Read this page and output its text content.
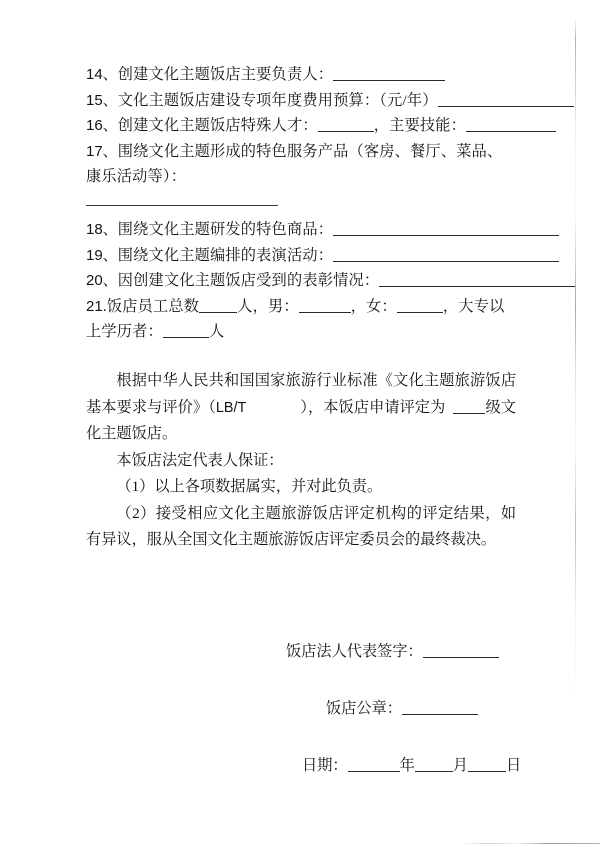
14、创建文化主题饭店主要负责人：
15、文化主题饭店建设专项年度费用预算：（元/年）
16、创建文化主题饭店特殊人才：	，主要技能：
17、围绕文化主题形成的特色服务产品（客房、餐厅、菜品、康乐活动等）：
18、围绕文化主题研发的特色商品：
19、围绕文化主题编排的表演活动：
20、因创建文化主题饭店受到的表彰情况：
21.饭店员工总数	人，男：	，女：	，大专以上学历者：	人
根据中华人民共和国国家旅游行业标准《文化主题旅游饭店基本要求与评价》（LB/T	），本饭店申请评定为	级文化主题饭店。
本饭店法定代表人保证：
（1）以上各项数据属实，并对此负责。
（2）接受相应文化主题旅游饭店评定机构的评定结果，如有异议，服从全国文化主题旅游饭店评定委员会的最终裁决。
饭店法人代表签字：
饭店公章：
日期：	年	月	日
